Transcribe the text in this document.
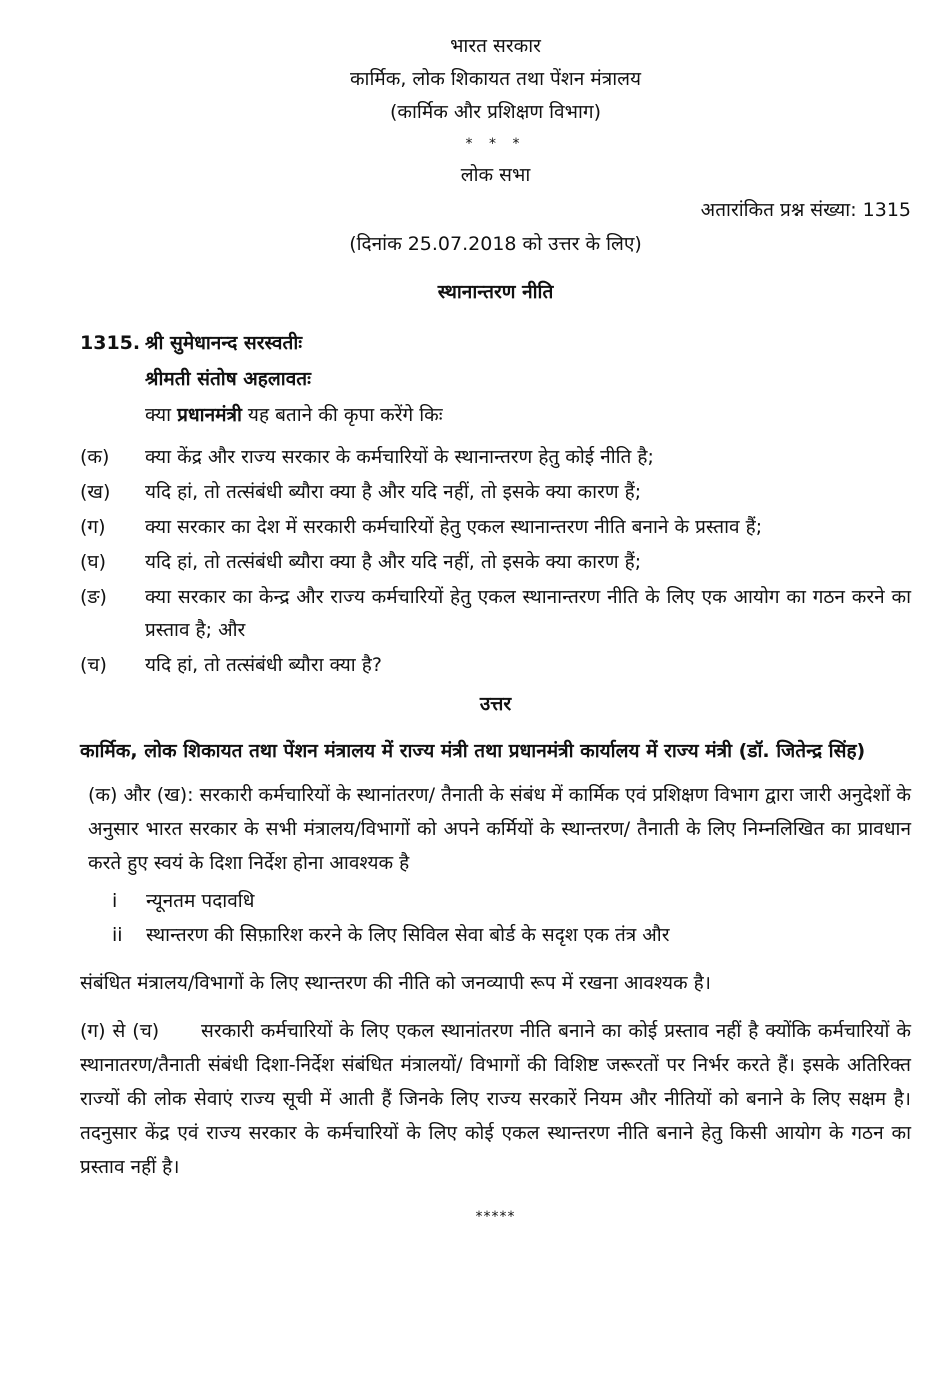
भारत सरकार

कार्मिक, लोक शिकायत तथा पेंशन मंत्रालय

(कार्मिक और प्रशिक्षण विभाग)

* * *

लोक सभा

अतारांकित प्रश्न संख्या: 1315

(दिनांक 25.07.2018 को उत्तर के लिए)

स्थानान्तरण नीति
1315. श्री सुमेधानन्द सरस्वतीः
श्रीमती संतोष अहलावतः
क्या प्रधानमंत्री यह बताने की कृपा करेंगे किः
(क)	क्या केंद्र और राज्य सरकार के कर्मचारियों के स्थानान्तरण हेतु कोई नीति है;
(ख)	यदि हां, तो तत्संबंधी ब्यौरा क्या है और यदि नहीं, तो इसके क्या कारण हैं;
(ग)	क्या सरकार का देश में सरकारी कर्मचारियों हेतु एकल स्थानान्तरण नीति बनाने के प्रस्ताव हैं;
(घ)	यदि हां, तो तत्संबंधी ब्यौरा क्या है और यदि नहीं, तो इसके क्या कारण हैं;
(ङ)	क्या सरकार का केन्द्र और राज्य कर्मचारियों हेतु एकल स्थानान्तरण नीति के लिए एक आयोग का गठन करने का प्रस्ताव है; और
(च)	यदि हां, तो तत्संबंधी ब्यौरा क्या है?
उत्तर

कार्मिक, लोक शिकायत तथा पेंशन मंत्रालय में राज्य मंत्री तथा प्रधानमंत्री कार्यालय में राज्य मंत्री (डॉ. जितेन्द्र सिंह)

(क) और (ख): सरकारी कर्मचारियों के स्थानांतरण/ तैनाती के संबंध में कार्मिक एवं प्रशिक्षण विभाग द्वारा जारी अनुदेशों के अनुसार भारत सरकार के सभी मंत्रालय/विभागों को अपने कर्मियों के स्थान्तरण/ तैनाती के लिए निम्नलिखित का प्रावधान करते हुए स्वयं के दिशा निर्देश होना आवश्यक है

i	न्यूनतम पदावधि
ii	स्थान्तरण की सिफ़ारिश करने के लिए सिविल सेवा बोर्ड के सदृश एक तंत्र और

संबंधित मंत्रालय/विभागों के लिए स्थान्तरण की नीति को जनव्यापी रूप में रखना आवश्यक है।

(ग) से (च)      सरकारी कर्मचारियों के लिए एकल स्थानांतरण नीति बनाने का कोई प्रस्ताव नहीं है क्योंकि कर्मचारियों के स्थानातरण/तैनाती संबंधी दिशा-निर्देश संबंधित मंत्रालयों/ विभागों की विशिष्ट जरूरतों पर निर्भर करते हैं। इसके अतिरिक्त राज्यों की लोक सेवाएं राज्य सूची में आती हैं जिनके लिए राज्य सरकारें नियम और नीतियों को बनाने के लिए सक्षम है। तदनुसार केंद्र एवं राज्य सरकार के कर्मचारियों के लिए कोई एकल स्थान्तरण नीति बनाने हेतु किसी आयोग के गठन का प्रस्ताव नहीं है।

*****
